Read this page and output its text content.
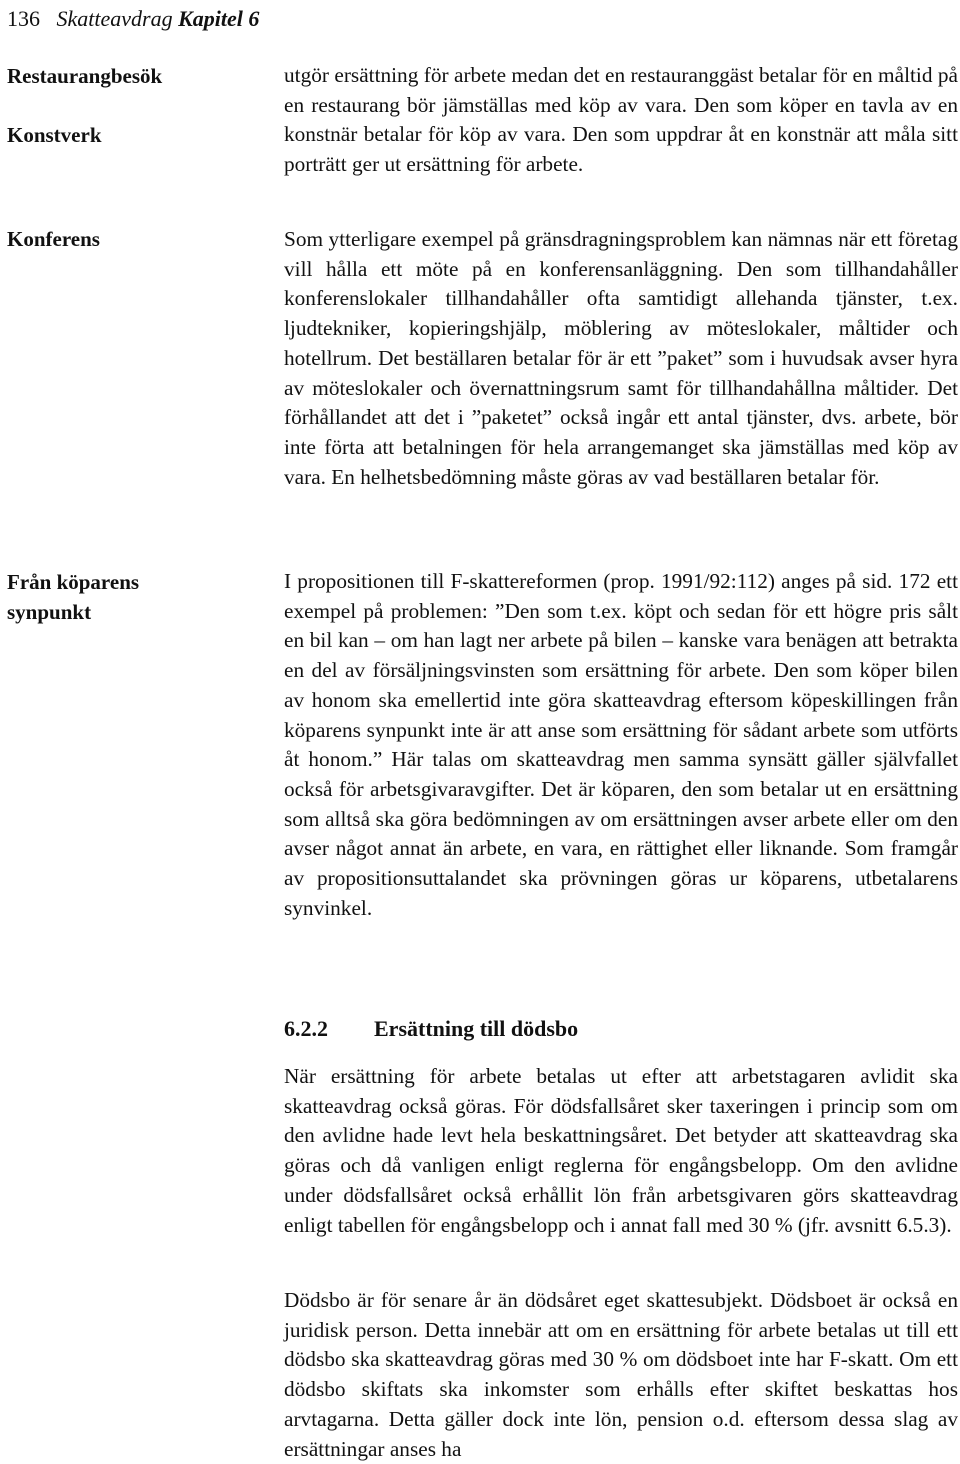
136 Skatteavdrag Kapitel 6
Restaurangbesök
Konstverk
Konferens
Från köparens synpunkt
utgör ersättning för arbete medan det en restauranggäst betalar för en måltid på en restaurang bör jämställas med köp av vara. Den som köper en tavla av en konstnär betalar för köp av vara. Den som uppdrar åt en konstnär att måla sitt porträtt ger ut ersättning för arbete.
Som ytterligare exempel på gränsdragningsproblem kan nämnas när ett företag vill hålla ett möte på en konferensanläggning. Den som tillhandahåller konferenslokaler tillhandahåller ofta samtidigt allehanda tjänster, t.ex. ljudtekniker, kopieringshjälp, möblering av möteslokaler, måltider och hotellrum. Det beställaren betalar för är ett ”paket” som i huvudsak avser hyra av möteslokaler och övernattningsrum samt för tillhandahållna måltider. Det förhållandet att det i ”paketet” också ingår ett antal tjänster, dvs. arbete, bör inte förta att betalningen för hela arrangemanget ska jämställas med köp av vara. En helhetsbedömning måste göras av vad beställaren betalar för.
I propositionen till F-skattereformen (prop. 1991/92:112) anges på sid. 172 ett exempel på problemen: ”Den som t.ex. köpt och sedan för ett högre pris sålt en bil kan – om han lagt ner arbete på bilen – kanske vara benägen att betrakta en del av försäljningsvinsten som ersättning för arbete. Den som köper bilen av honom ska emellertid inte göra skatteavdrag eftersom köpeskillingen från köparens synpunkt inte är att anse som ersättning för sådant arbete som utförts åt honom.” Här talas om skatteavdrag men samma synsätt gäller självfallet också för arbetsgivaravgifter. Det är köparen, den som betalar ut en ersättning som alltså ska göra bedömningen av om ersättningen avser arbete eller om den avser något annat än arbete, en vara, en rättighet eller liknande. Som framgår av propositionsuttalandet ska prövningen göras ur köparens, utbetalarens synvinkel.
6.2.2 Ersättning till dödsbo
När ersättning för arbete betalas ut efter att arbetstagaren avlidit ska skatteavdrag också göras. För dödsfallsåret sker taxeringen i princip som om den avlidne hade levt hela beskattningsåret. Det betyder att skatteavdrag ska göras och då vanligen enligt reglerna för engångsbelopp. Om den avlidne under dödsfallsåret också erhållit lön från arbetsgivaren görs skatteavdrag enligt tabellen för engångsbelopp och i annat fall med 30 % (jfr. avsnitt 6.5.3).
Dödsbo är för senare år än dödsåret eget skattesubjekt. Dödsboet är också en juridisk person. Detta innebär att om en ersättning för arbete betalas ut till ett dödsbo ska skatteavdrag göras med 30 % om dödsboet inte har F-skatt. Om ett dödsbo skiftats ska inkomster som erhålls efter skiftet beskattas hos arvtagarna. Detta gäller dock inte lön, pension o.d. eftersom dessa slag av ersättningar anses ha
